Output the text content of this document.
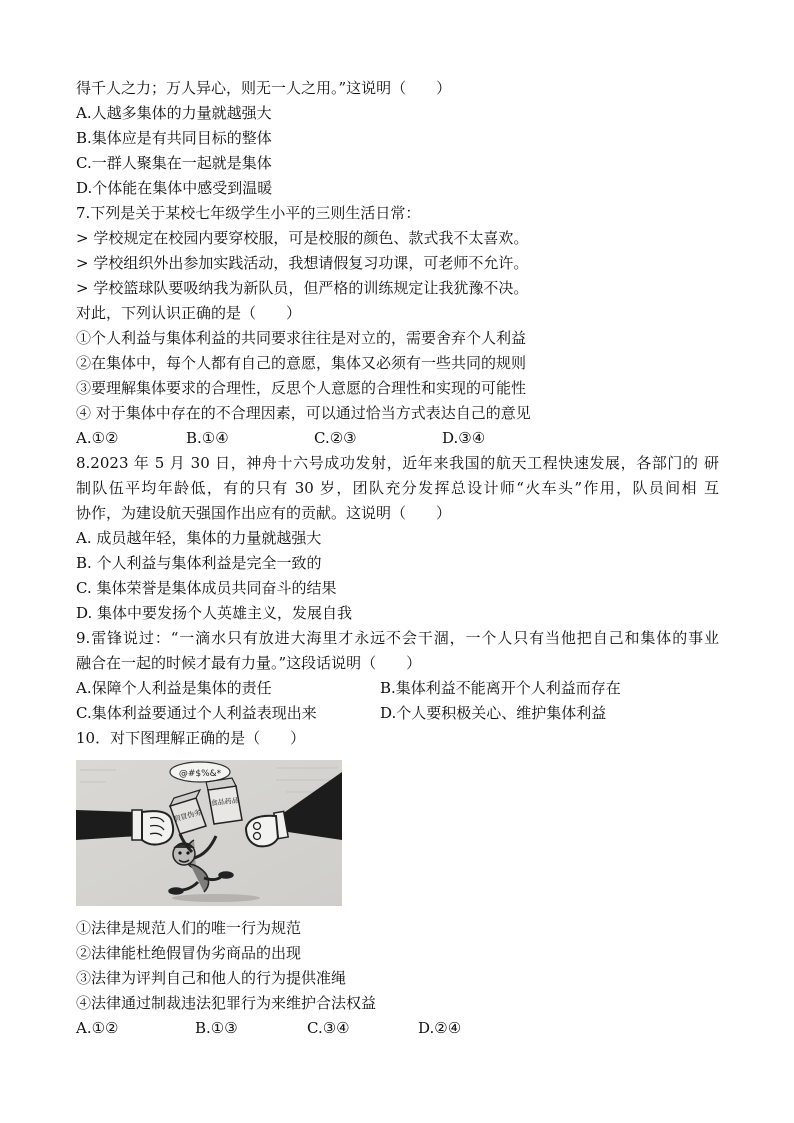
得千人之力；万人异心，则无一人之用。”这说明（　　）
A.人越多集体的力量就越强大
B.集体应是有共同目标的整体
C.一群人聚集在一起就是集体
D.个体能在集体中感受到温暖
7.下列是关于某校七年级学生小平的三则生活日常：
> 学校规定在校园内要穿校服，可是校服的颜色、款式我不太喜欢。
> 学校组织外出参加实践活动，我想请假复习功课，可老师不允许。
> 学校篮球队要吸纳我为新队员，但严格的训练规定让我犹豫不决。
对此，下列认识正确的是（　　）
①个人利益与集体利益的共同要求往往是对立的，需要舍弃个人利益
②在集体中，每个人都有自己的意愿，集体又必须有一些共同的规则
③要理解集体要求的合理性，反思个人意愿的合理性和实现的可能性
④ 对于集体中存在的不合理因素，可以通过恰当方式表达自己的意见
A.①②	B.①④	C.②③	D.③④
8.2023 年 5 月 30 日，神舟十六号成功发射，近年来我国的航天工程快速发展，各部门的 研
制队伍平均年龄低，有的只有 30 岁，团队充分发挥总设计师“火车头”作用，队员间相 互
协作，为建设航天强国作出应有的贡献。这说明（　　）
A. 成员越年轻，集体的力量就越强大
B. 个人利益与集体利益是完全一致的
C. 集体荣誉是集体成员共同奋斗的结果
D. 集体中要发扬个人英雄主义，发展自我
9.雷锋说过：“一滴水只有放进大海里才永远不会干涸，一个人只有当他把自己和集体的事业
融合在一起的时候才最有力量。”这段话说明（　　）
A.保障个人利益是集体的责任	B.集体利益不能离开个人利益而存在
C.集体利益要通过个人利益表现出来	D.个人要积极关心、维护集体利益
10．对下图理解正确的是（　　）
@#$%&*
假冒伪劣
食品药品
①法律是规范人们的唯一行为规范
②法律能杜绝假冒伪劣商品的出现
③法律为评判自己和他人的行为提供准绳
④法律通过制裁违法犯罪行为来维护合法权益
A.①②	B.①③	C.③④	D.②④
